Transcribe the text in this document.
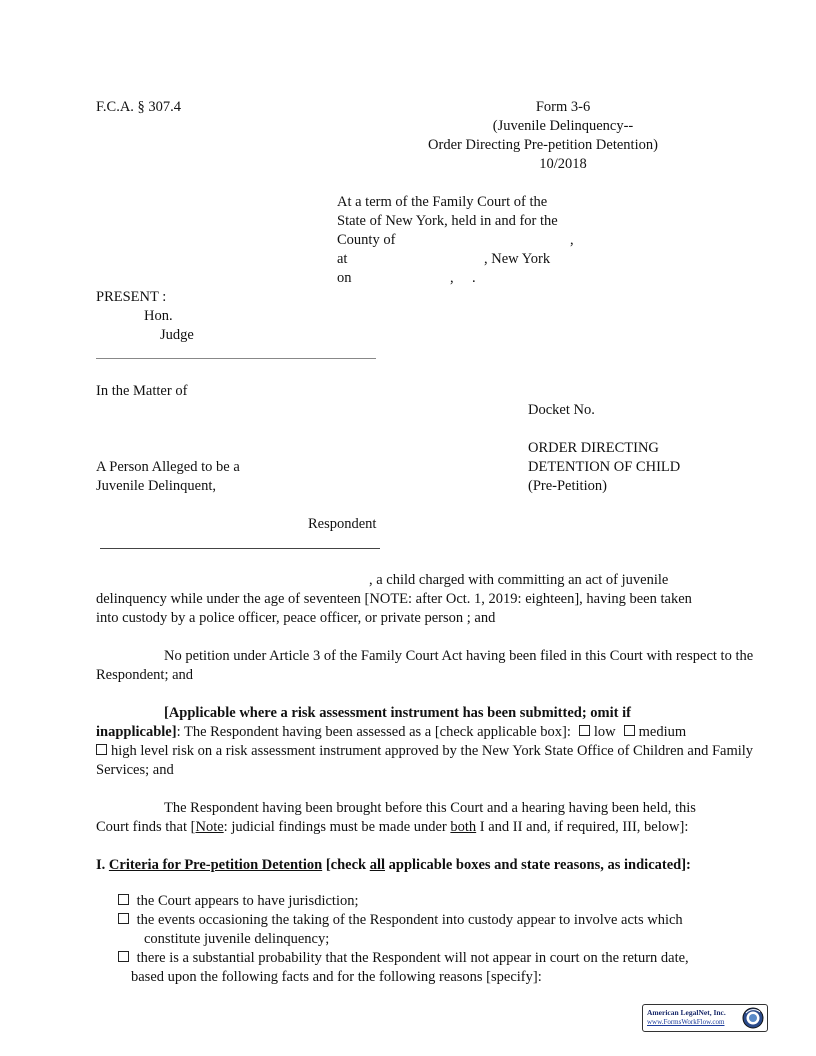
F.C.A. § 307.4	Form 3-6
(Juvenile Delinquency--
Order Directing Pre-petition Detention)
10/2018
At a term of the Family Court of the
State of New York, held in and for the
County of	,
at	, New York
on	, .
PRESENT :
Hon.
Judge
In the Matter of
Docket No.
ORDER DIRECTING
A Person Alleged to be a	DETENTION OF CHILD
Juvenile Delinquent,	(Pre-Petition)
Respondent
, a child charged with committing an act of juvenile
delinquency while under the age of seventeen [NOTE: after Oct. 1, 2019: eighteen], having been taken
into custody by a police officer, peace officer, or private person ; and
No petition under Article 3 of the Family Court Act having been filed in this Court with respect to the Respondent; and
[Applicable where a risk assessment instrument has been submitted; omit if
inapplicable]: The Respondent having been assessed as a [check applicable box]: low medium
high level risk on a risk assessment instrument approved by the New York State Office of Children and Family Services; and
The Respondent having been brought before this Court and a hearing having been held, this
Court finds that [Note: judicial findings must be made under both I and II and, if required, III, below]:
I. Criteria for Pre-petition Detention [check all applicable boxes and state reasons, as indicated]:
the Court appears to have jurisdiction;
the events occasioning the taking of the Respondent into custody appear to involve acts which
constitute juvenile delinquency;
there is a substantial probability that the Respondent will not appear in court on the return date,
based upon the following facts and for the following reasons [specify]:
American LegalNet, Inc.
www.FormsWorkFlow.com
